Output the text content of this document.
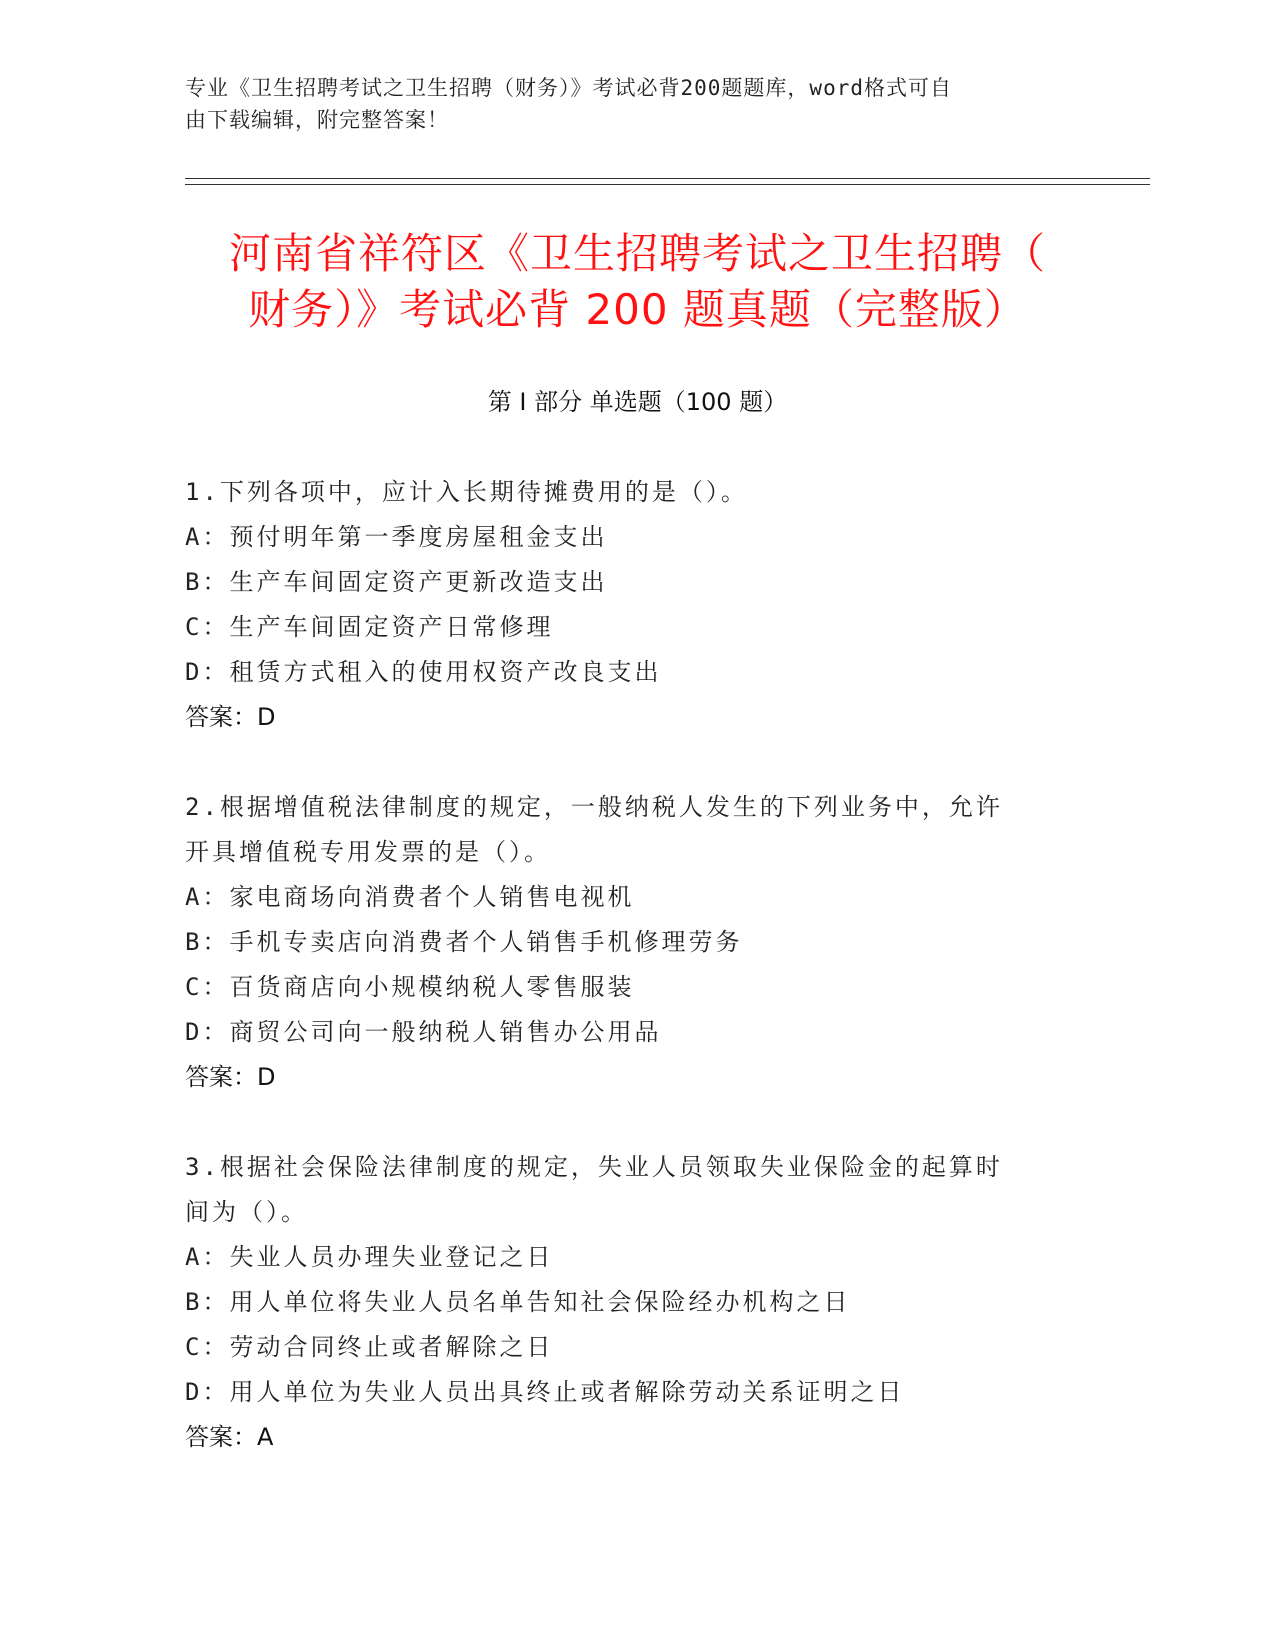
专业《卫生招聘考试之卫生招聘（财务）》考试必背200题题库，word格式可自
由下载编辑，附完整答案！
河南省祥符区《卫生招聘考试之卫生招聘（
财务）》考试必背 200 题真题（完整版）
第 I 部分 单选题（100 题）
1.下列各项中，应计入长期待摊费用的是（）。
A：预付明年第一季度房屋租金支出
B：生产车间固定资产更新改造支出
C：生产车间固定资产日常修理
D：租赁方式租入的使用权资产改良支出
答案：D
2.根据增值税法律制度的规定，一般纳税人发生的下列业务中，允许
开具增值税专用发票的是（）。
A：家电商场向消费者个人销售电视机
B：手机专卖店向消费者个人销售手机修理劳务
C：百货商店向小规模纳税人零售服装
D：商贸公司向一般纳税人销售办公用品
答案：D
3.根据社会保险法律制度的规定，失业人员领取失业保险金的起算时
间为（）。
A：失业人员办理失业登记之日
B：用人单位将失业人员名单告知社会保险经办机构之日
C：劳动合同终止或者解除之日
D：用人单位为失业人员出具终止或者解除劳动关系证明之日
答案：A
